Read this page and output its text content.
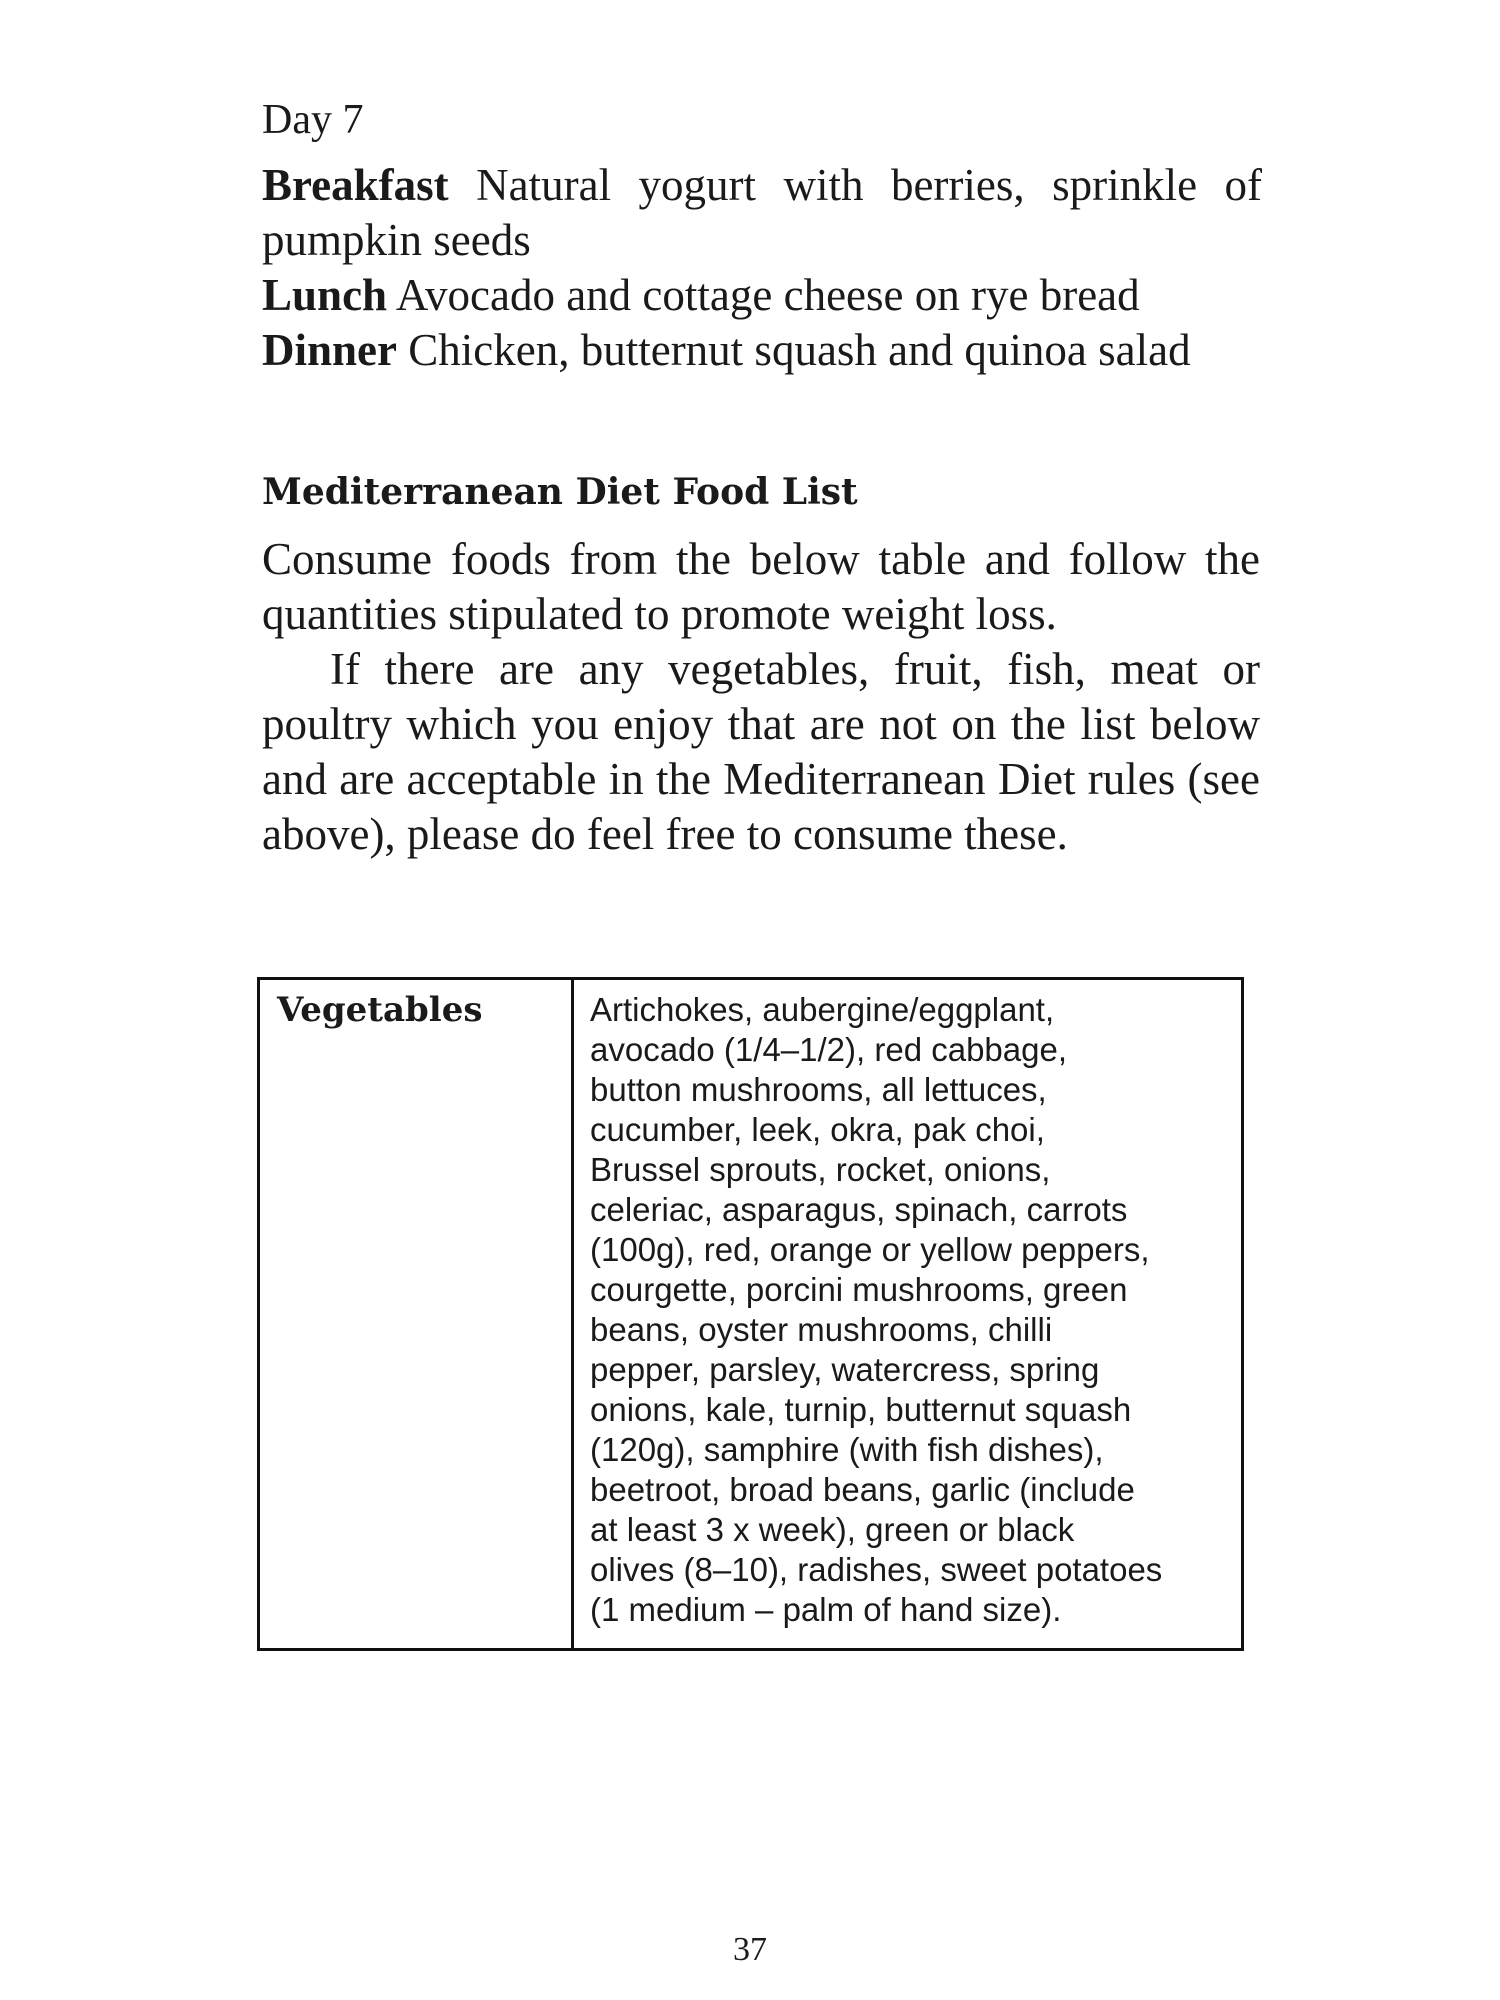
Day 7
Breakfast Natural yogurt with berries, sprinkle of pumpkin seeds
Lunch Avocado and cottage cheese on rye bread
Dinner Chicken, butternut squash and quinoa salad
Mediterranean Diet Food List

Consume foods from the below table and follow the quantities stipulated to promote weight loss.

If there are any vegetables, fruit, fish, meat or poultry which you enjoy that are not on the list below and are acceptable in the Mediterranean Diet rules (see above), please do feel free to consume these.

Vegetables	Artichokes, aubergine/eggplant,
avocado (1/4–1/2), red cabbage,
button mushrooms, all lettuces,
cucumber, leek, okra, pak choi,
Brussel sprouts, rocket, onions,
celeriac, asparagus, spinach, carrots
(100g), red, orange or yellow peppers,
courgette, porcini mushrooms, green
beans, oyster mushrooms, chilli
pepper, parsley, watercress, spring
onions, kale, turnip, butternut squash
(120g), samphire (with fish dishes),
beetroot, broad beans, garlic (include
at least 3 x week), green or black
olives (8–10), radishes, sweet potatoes
(1 medium – palm of hand size).
37
